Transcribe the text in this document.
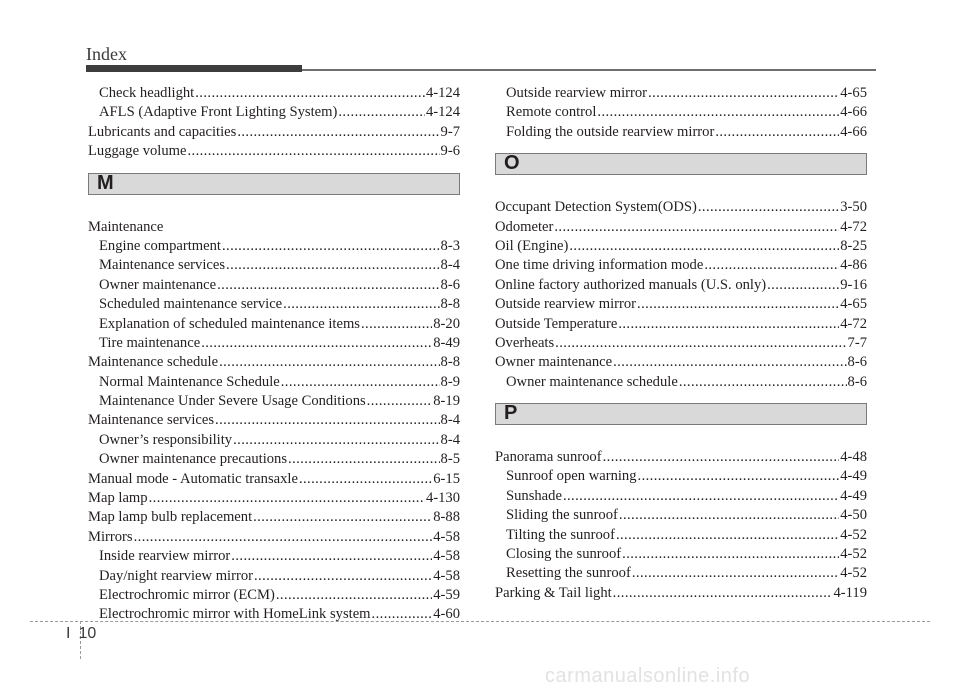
Index
Check headlight .....	4-124
AFLS (Adaptive Front Lighting System) .....	4-124
Lubricants and capacities .....	9-7
Luggage volume .....	9-6
M
Maintenance
Engine compartment .....	8-3
Maintenance services .....	8-4
Owner maintenance .....	8-6
Scheduled maintenance service .....	8-8
Explanation of scheduled maintenance items .....	8-20
Tire maintenance .....	8-49
Maintenance schedule .....	8-8
Normal Maintenance Schedule .....	8-9
Maintenance Under Severe Usage Conditions .....	8-19
Maintenance services .....	8-4
Owner’s responsibility .....	8-4
Owner maintenance precautions .....	8-5
Manual mode - Automatic transaxle .....	6-15
Map lamp .....	4-130
Map lamp bulb replacement .....	8-88
Mirrors .....	4-58
Inside rearview mirror .....	4-58
Day/night rearview mirror .....	4-58
Electrochromic mirror (ECM) .....	4-59
Electrochromic mirror with HomeLink system .....	4-60
Outside rearview mirror .....	4-65
Remote control .....	4-66
Folding the outside rearview mirror .....	4-66
O
Occupant Detection System(ODS) .....	3-50
Odometer .....	4-72
Oil (Engine) .....	8-25
One time driving information mode .....	4-86
Online factory authorized manuals (U.S. only) .....	9-16
Outside rearview mirror .....	4-65
Outside Temperature .....	4-72
Overheats .....	7-7
Owner maintenance .....	8-6
Owner maintenance schedule .....	8-6
P
Panorama sunroof .....	4-48
Sunroof open warning .....	4-49
Sunshade .....	4-49
Sliding the sunroof .....	4-50
Tilting the sunroof .....	4-52
Closing the sunroof .....	4-52
Resetting the sunroof .....	4-52
Parking & Tail light .....	4-119
I 10
carmanualsonline.info
